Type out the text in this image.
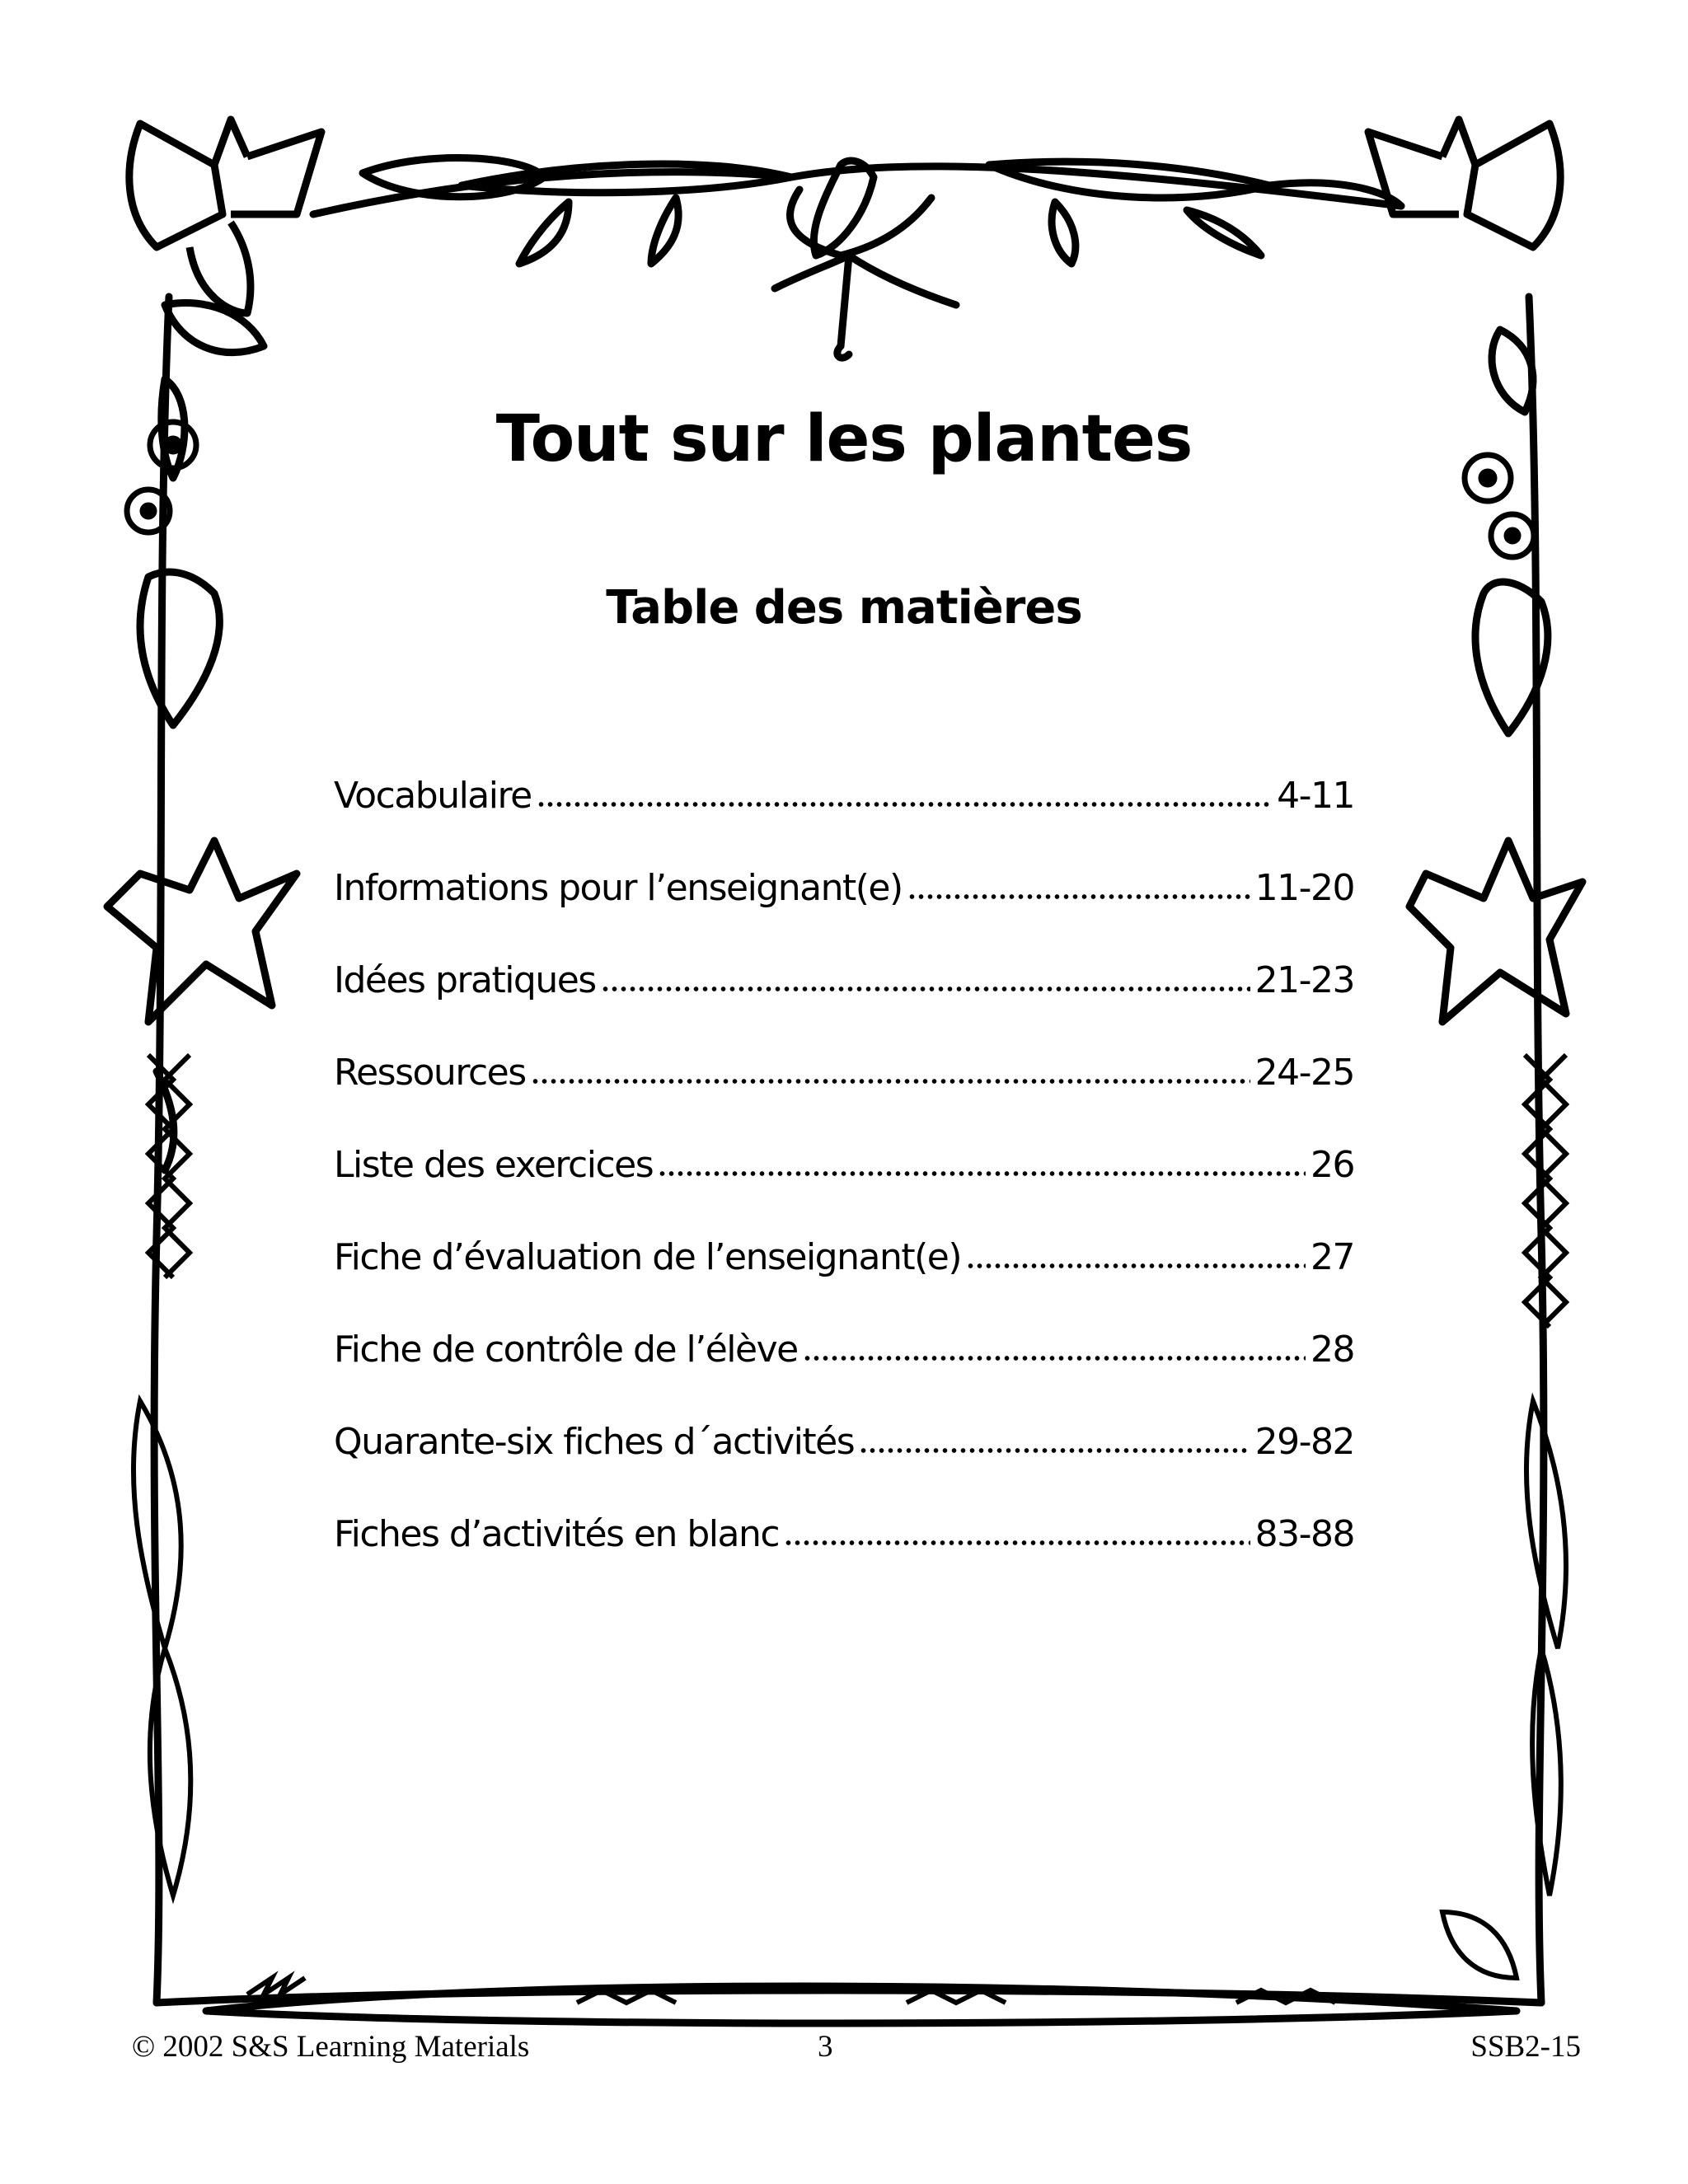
Tout sur les plantes
Table des matières
Vocabulaire	4-11
Informations pour l’enseignant(e)	11-20
Idées pratiques	21-23
Ressources	24-25
Liste des exercices	26
Fiche d’évaluation de l’enseignant(e)	27
Fiche de contrôle de l’élève	28
Quarante-six fiches d´activités	29-82
Fiches d’activités en blanc	83-88
© 2002 S&S Learning Materials	3	SSB2-15
